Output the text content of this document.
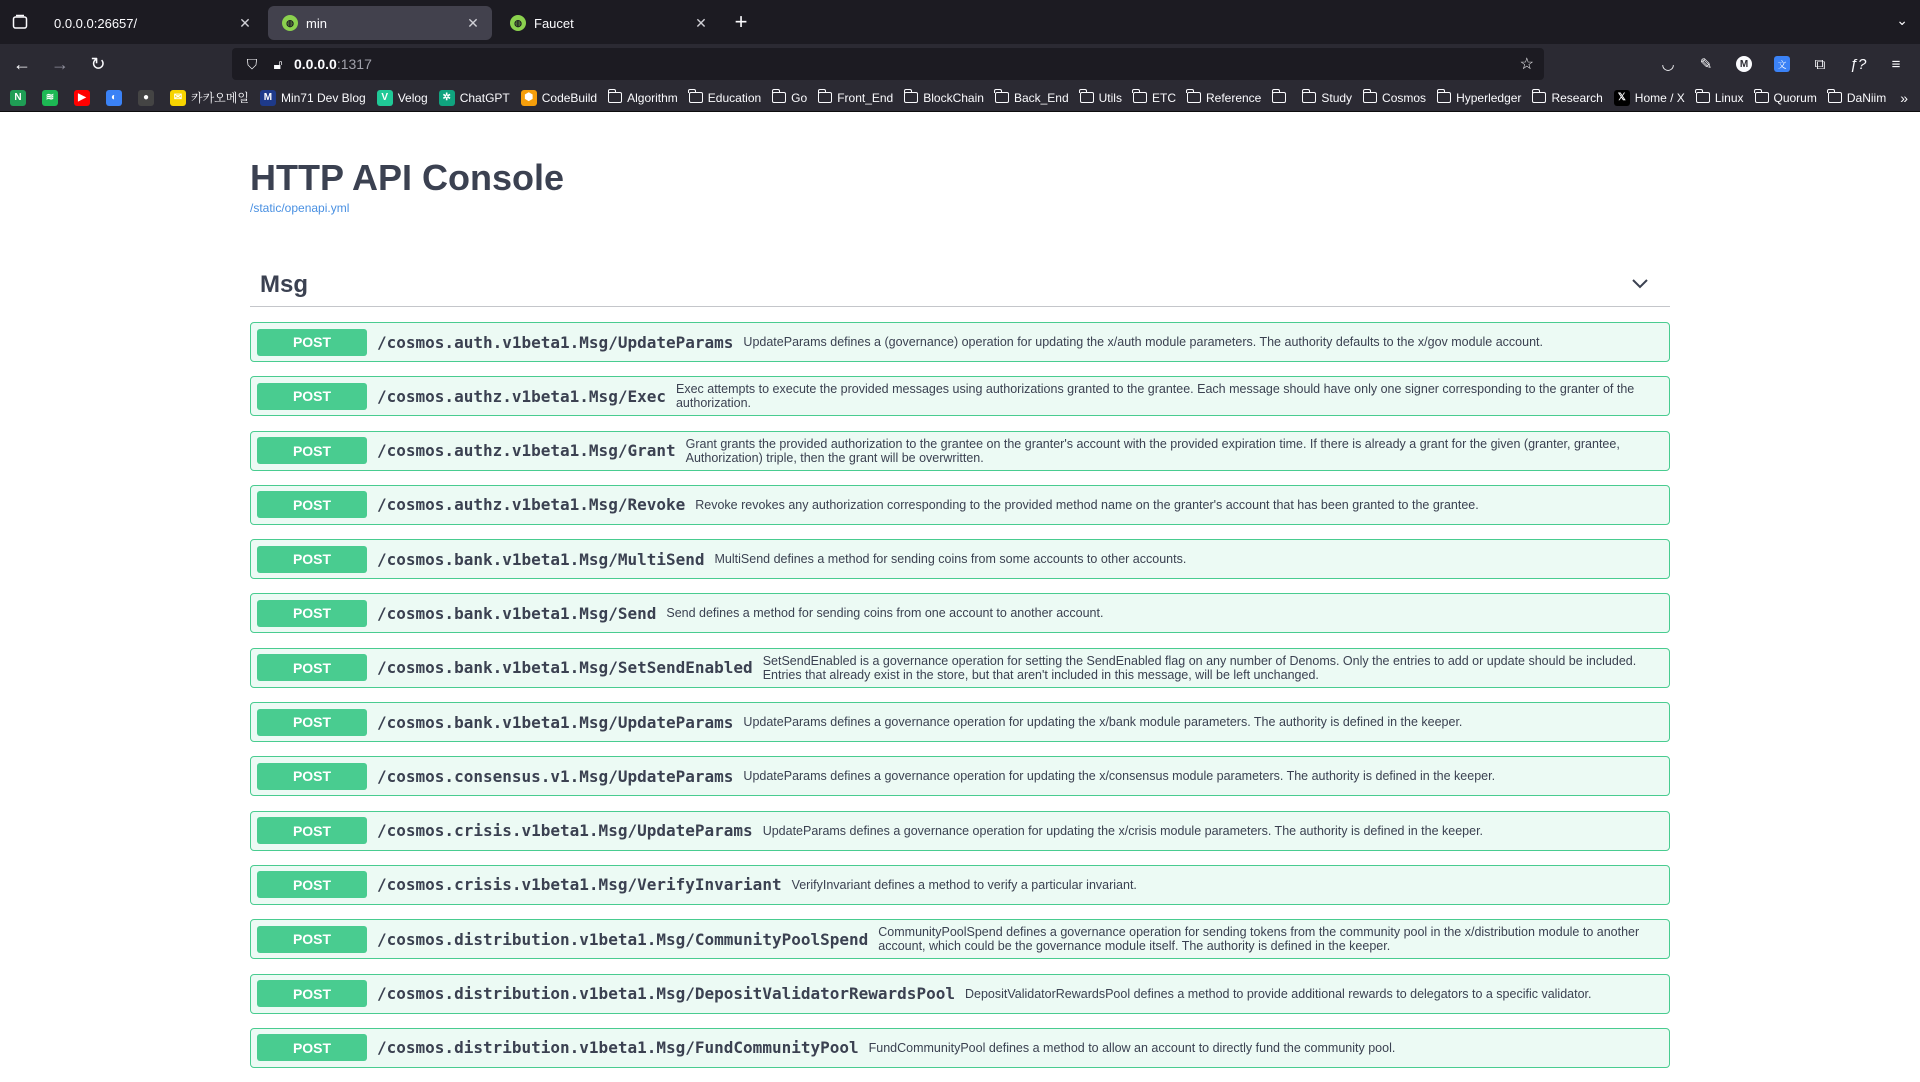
0.0.0.0:26657/	✕	◍ min	✕	◍ Faucet	✕ +	⌄
← → ↻	⛉	🔓︎ 0.0.0.0 :1317	☆	◡	✎	M	文	⧉	ƒ?	≡
N	≋	▶	◐	●	✉ 카카오메일	M Min71 Dev Blog	V Velog	✲ ChatGPT	⬢ CodeBuild	Algorithm	Education	Go	Front_End	BlockChain	Back_End	Utils	ETC	Reference	Study	Cosmos	Hyperledger	Research	𝕏 Home / X	Linux	Quorum	DaNiim »
HTTP API Console
/static/openapi.yml
Msg
POST	/cosmos.auth.v1beta1.Msg/UpdateParams UpdateParams defines a (governance) operation for updating the x/auth module parameters. The authority defaults to the x/gov module account.
POST	/cosmos.authz.v1beta1.Msg/Exec Exec attempts to execute the provided messages using authorizations granted to the grantee. Each message should have only one signer corresponding to the granter of the authorization.
POST	/cosmos.authz.v1beta1.Msg/Grant Grant grants the provided authorization to the grantee on the granter's account with the provided expiration time. If there is already a grant for the given (granter, grantee, Authorization) triple, then the grant will be overwritten.
POST	/cosmos.authz.v1beta1.Msg/Revoke Revoke revokes any authorization corresponding to the provided method name on the granter's account that has been granted to the grantee.
POST	/cosmos.bank.v1beta1.Msg/MultiSend MultiSend defines a method for sending coins from some accounts to other accounts.
POST	/cosmos.bank.v1beta1.Msg/Send Send defines a method for sending coins from one account to another account.
POST	/cosmos.bank.v1beta1.Msg/SetSendEnabled SetSendEnabled is a governance operation for setting the SendEnabled flag on any number of Denoms. Only the entries to add or update should be included. Entries that already exist in the store, but that aren't included in this message, will be left unchanged.
POST	/cosmos.bank.v1beta1.Msg/UpdateParams UpdateParams defines a governance operation for updating the x/bank module parameters. The authority is defined in the keeper.
POST	/cosmos.consensus.v1.Msg/UpdateParams UpdateParams defines a governance operation for updating the x/consensus module parameters. The authority is defined in the keeper.
POST	/cosmos.crisis.v1beta1.Msg/UpdateParams UpdateParams defines a governance operation for updating the x/crisis module parameters. The authority is defined in the keeper.
POST	/cosmos.crisis.v1beta1.Msg/VerifyInvariant VerifyInvariant defines a method to verify a particular invariant.
POST	/cosmos.distribution.v1beta1.Msg/CommunityPoolSpend CommunityPoolSpend defines a governance operation for sending tokens from the community pool in the x/distribution module to another account, which could be the governance module itself. The authority is defined in the keeper.
POST	/cosmos.distribution.v1beta1.Msg/DepositValidatorRewardsPool DepositValidatorRewardsPool defines a method to provide additional rewards to delegators to a specific validator.
POST	/cosmos.distribution.v1beta1.Msg/FundCommunityPool FundCommunityPool defines a method to allow an account to directly fund the community pool.
